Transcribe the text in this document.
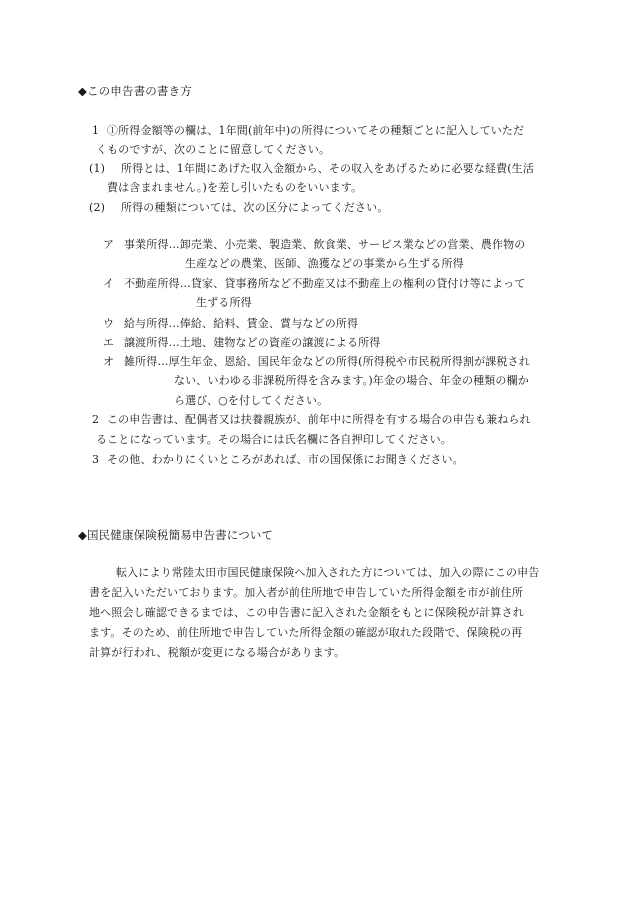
◆この申告書の書き方
1 ①所得金額等の欄は、1年間(前年中)の所得についてその種類ごとに記入していただ
くものですが、次のことに留意してください。
(1) 所得とは、1年間にあげた収入金額から、その収入をあげるために必要な経費(生活
費は含まれません。)を差し引いたものをいいます。
(2) 所得の種類については、次の区分によってください。
ア 事業所得…卸売業、小売業、製造業、飲食業、サービス業などの営業、農作物の
生産などの農業、医師、漁獲などの事業から生ずる所得
イ 不動産所得…貸家、貸事務所など不動産又は不動産上の権利の貸付け等によって
生ずる所得
ウ 給与所得…俸給、給料、賃金、賞与などの所得
エ 譲渡所得…土地、建物などの資産の譲渡による所得
オ 雑所得…厚生年金、恩給、国民年金などの所得(所得税や市民税所得割が課税され
ない、いわゆる非課税所得を含みます。)年金の場合、年金の種類の欄か
ら選び、○を付してください。
2 この申告書は、配偶者又は扶養親族が、前年中に所得を有する場合の申告も兼ねられ
ることになっています。その場合には氏名欄に各自押印してください。
3 その他、わかりにくいところがあれば、市の国保係にお聞きください。
◆国民健康保険税簡易申告書について
転入により常陸太田市国民健康保険へ加入された方については、加入の際にこの申告
書を記入いただいております。加入者が前住所地で申告していた所得金額を市が前住所
地へ照会し確認できるまでは、この申告書に記入された金額をもとに保険税が計算され
ます。そのため、前住所地で申告していた所得金額の確認が取れた段階で、保険税の再
計算が行われ、税額が変更になる場合があります。
